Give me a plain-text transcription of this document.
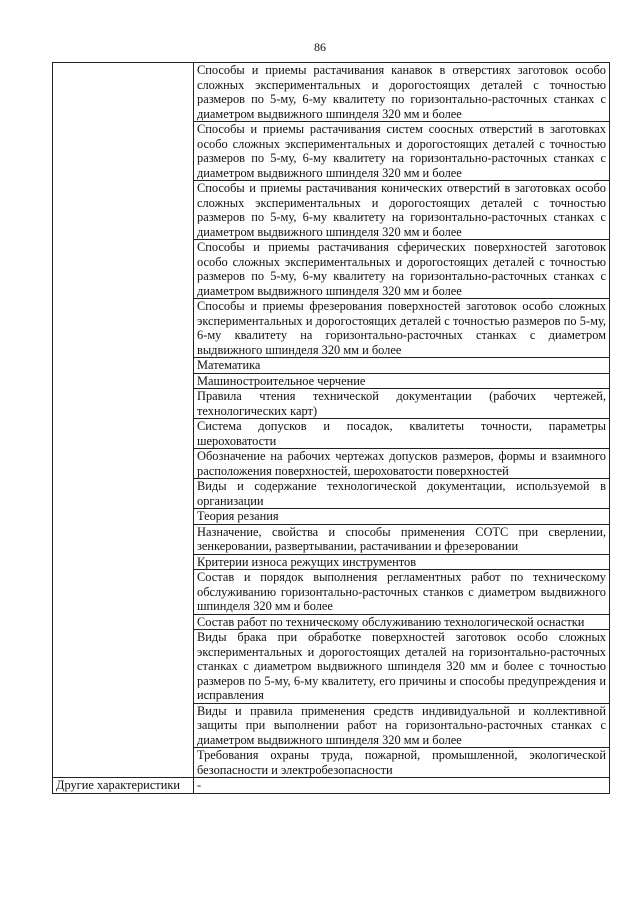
86

	Способы и приемы растачивания канавок в отверстиях заготовок особо сложных экспериментальных и дорогостоящих деталей с точностью размеров по 5-му, 6-му квалитету по горизонтально-расточных станках с диаметром выдвижного шпинделя 320 мм и более

	Способы и приемы растачивания систем соосных отверстий в заготовках особо сложных экспериментальных и дорогостоящих деталей с точностью размеров по 5-му, 6-му квалитету на горизонтально-расточных станках с диаметром выдвижного шпинделя 320 мм и более

	Способы и приемы растачивания конических отверстий в заготовках особо сложных экспериментальных и дорогостоящих деталей с точностью размеров по 5-му, 6-му квалитету на горизонтально-расточных станках с диаметром выдвижного шпинделя 320 мм и более

	Способы и приемы растачивания сферических поверхностей заготовок особо сложных экспериментальных и дорогостоящих деталей с точностью размеров по 5-му, 6-му квалитету на горизонтально-расточных станках с диаметром выдвижного шпинделя 320 мм и более

	Способы и приемы фрезерования поверхностей заготовок особо сложных экспериментальных и дорогостоящих деталей с точностью размеров по 5-му, 6-му квалитету на горизонтально-расточных станках с диаметром выдвижного шпинделя 320 мм и более

	Математика

	Машиностроительное черчение

	Правила чтения технической документации (рабочих чертежей, технологических карт)

	Система допусков и посадок, квалитеты точности, параметры шероховатости

	Обозначение на рабочих чертежах допусков размеров, формы и взаимного расположения поверхностей, шероховатости поверхностей

	Виды и содержание технологической документации, используемой в организации

	Теория резания

	Назначение, свойства и способы применения СОТС при сверлении, зенкеровании, развертывании, растачивании и фрезеровании

	Критерии износа режущих инструментов

	Состав и порядок выполнения регламентных работ по техническому обслуживанию горизонтально-расточных станков с диаметром выдвижного шпинделя 320 мм и более

	Состав работ по техническому обслуживанию технологической оснастки

	Виды брака при обработке поверхностей заготовок особо сложных экспериментальных и дорогостоящих деталей на горизонтально-расточных станках с диаметром выдвижного шпинделя 320 мм и более с точностью размеров по 5-му, 6-му квалитету, его причины и способы предупреждения и исправления

	Виды и правила применения средств индивидуальной и коллективной защиты при выполнении работ на горизонтально-расточных станках с диаметром выдвижного шпинделя 320 мм и более

	Требования охраны труда, пожарной, промышленной, экологической безопасности и электробезопасности

Другие характеристики	-
